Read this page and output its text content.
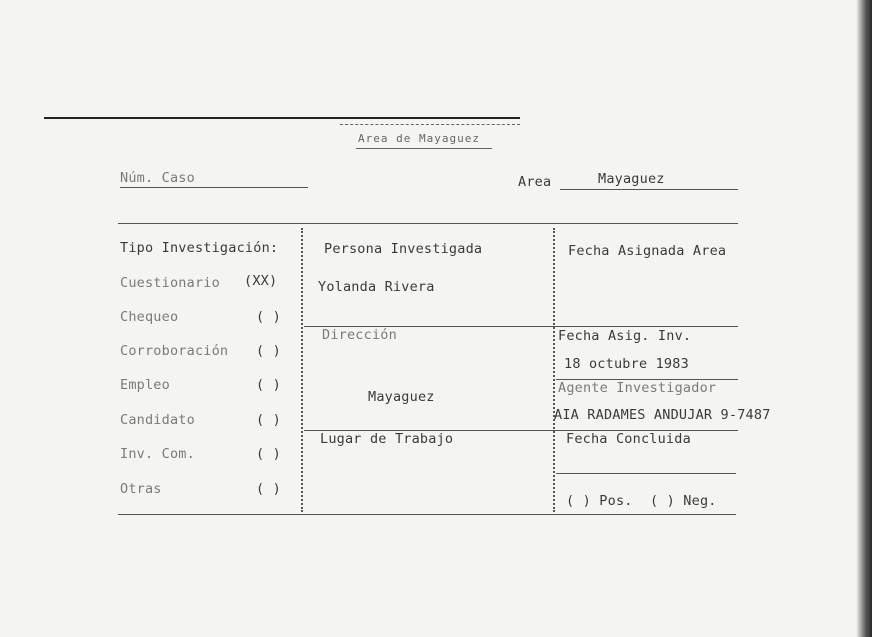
Area de Mayaguez
Núm. Caso	Area	Mayaguez
Tipo Investigación:
Cuestionario (XX)
Chequeo	( )
Corroboración ( )
Empleo	( )
Candidato	( )
Inv. Com.	( )
Otras	( )
Persona Investigada
Yolanda Rivera
Dirección
Mayaguez
Lugar de Trabajo
Fecha Asignada Area
Fecha Asig. Inv.
18 octubre 1983
Agente Investigador
AIA RADAMES ANDUJAR 9-7487
Fecha Concluida
( ) Pos. ( ) Neg.
